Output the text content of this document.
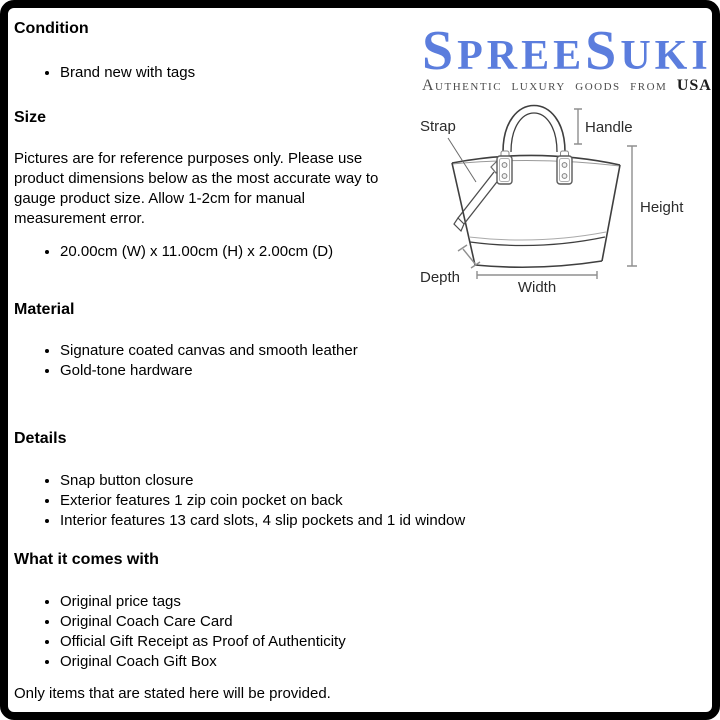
S PREE S UKI
Authentic luxury goods from USA
Strap	Handle
Height
Width
Depth
Condition
• Brand new with tags
Size
Pictures are for reference purposes only. Please use
product dimensions below as the most accurate way to
gauge product size. Allow 1-2cm for manual
measurement error.
• 20.00cm (W) x 11.00cm (H) x 2.00cm (D)
Material
• Signature coated canvas and smooth leather
• Gold-tone hardware
Details
• Snap button closure
• Exterior features 1 zip coin pocket on back
• Interior features 13 card slots, 4 slip pockets and 1 id window
What it comes with
• Original price tags
• Original Coach Care Card
• Official Gift Receipt as Proof of Authenticity
• Original Coach Gift Box

Only items that are stated here will be provided.
